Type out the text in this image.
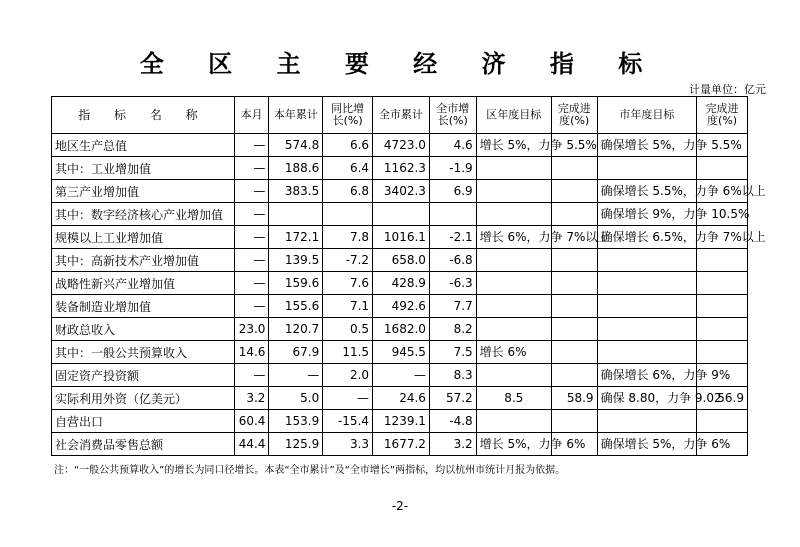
全 区 主 要 经 济 指 标
计量单位：亿元
指 标 名 称	本月	本年累计	同比增长(%)	全市累计	全市增长(%)	区年度目标	完成进度(%)	市年度目标	完成进度(%)
地区生产总值	—	574.8	6.6	4723.0	4.6	增长 5%，力争 5.5%		确保增长 5%，力争 5.5%	
其中：工业增加值	—	188.6	6.4	1162.3	-1.9				
第三产业增加值	—	383.5	6.8	3402.3	6.9			确保增长 5.5%，力争 6%以上	
其中：数字经济核心产业增加值	—							确保增长 9%，力争 10.5%	
规模以上工业增加值	—	172.1	7.8	1016.1	-2.1	增长 6%，力争 7%以上		确保增长 6.5%，力争 7%以上	
其中：高新技术产业增加值	—	139.5	-7.2	658.0	-6.8				
战略性新兴产业增加值	—	159.6	7.6	428.9	-6.3				
装备制造业增加值	—	155.6	7.1	492.6	7.7				
财政总收入	23.0	120.7	0.5	1682.0	8.2				
其中：一般公共预算收入	14.6	67.9	11.5	945.5	7.5	增长 6%			
固定资产投资额	—	—	2.0	—	8.3			确保增长 6%，力争 9%	
实际利用外资（亿美元）	3.2	5.0	—	24.6	57.2	8.5	58.9	确保 8.80，力争 9.02	56.9
自营出口	60.4	153.9	-15.4	1239.1	-4.8				
社会消费品零售总额	44.4	125.9	3.3	1677.2	3.2	增长 5%，力争 6%		确保增长 5%，力争 6%	
注：“一般公共预算收入”的增长为同口径增长。本表“全市累计”及“全市增长”两指标，均以杭州市统计月报为依据。
-2-
